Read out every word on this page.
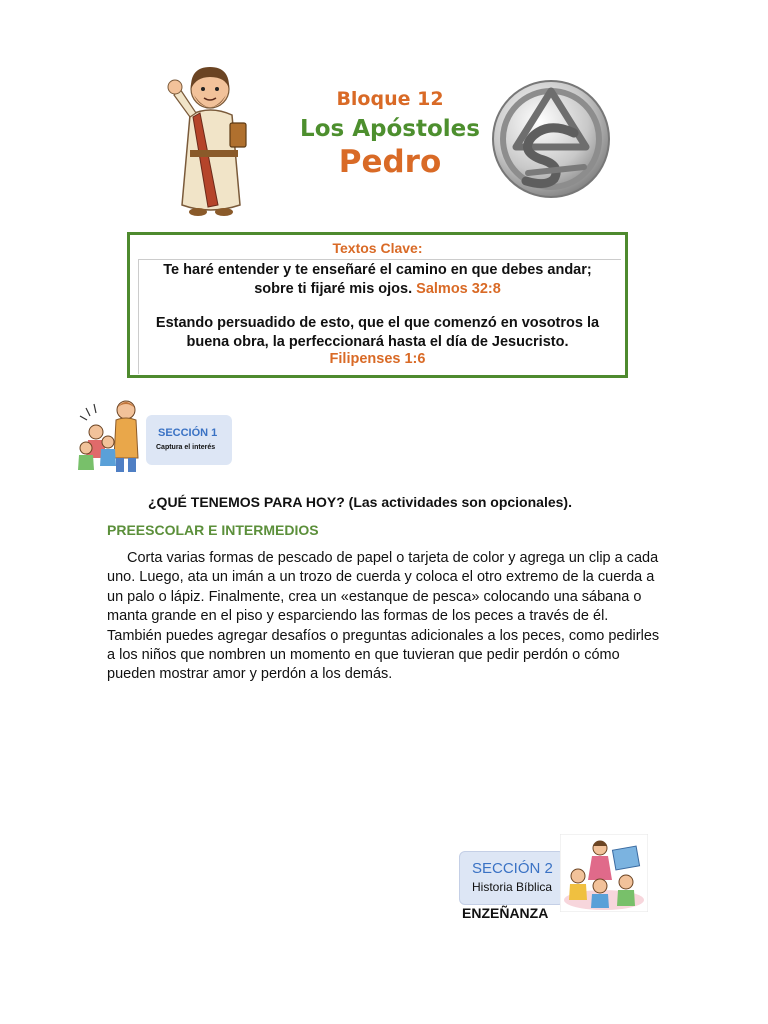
Bloque 12
Los Apóstoles
Pedro
Textos Clave:
Te haré entender y te enseñaré el camino en que debes andar;
sobre ti fijaré mis ojos. Salmos 32:8
Estando persuadido de esto, que el que comenzó en vosotros la
buena obra, la perfeccionará hasta el día de Jesucristo.
Filipenses 1:6
SECCIÓN 1
Captura el interés
¿QUÉ TENEMOS PARA HOY? (Las actividades son opcionales).
PREESCOLAR E INTERMEDIOS
Corta varias formas de pescado de papel o tarjeta de color y agrega un clip a cada uno. Luego, ata un imán a un trozo de cuerda y coloca el otro extremo de la cuerda a un palo o lápiz. Finalmente, crea un «estanque de pesca» colocando una sábana o manta grande en el piso y esparciendo las formas de los peces a través de él. También puedes agregar desafíos o preguntas adicionales a los peces, como pedirles a los niños que nombren un momento en que tuvieran que pedir perdón o cómo pueden mostrar amor y perdón a los demás.
SECCIÓN 2
Historia Bíblica
ENZEÑANZA
